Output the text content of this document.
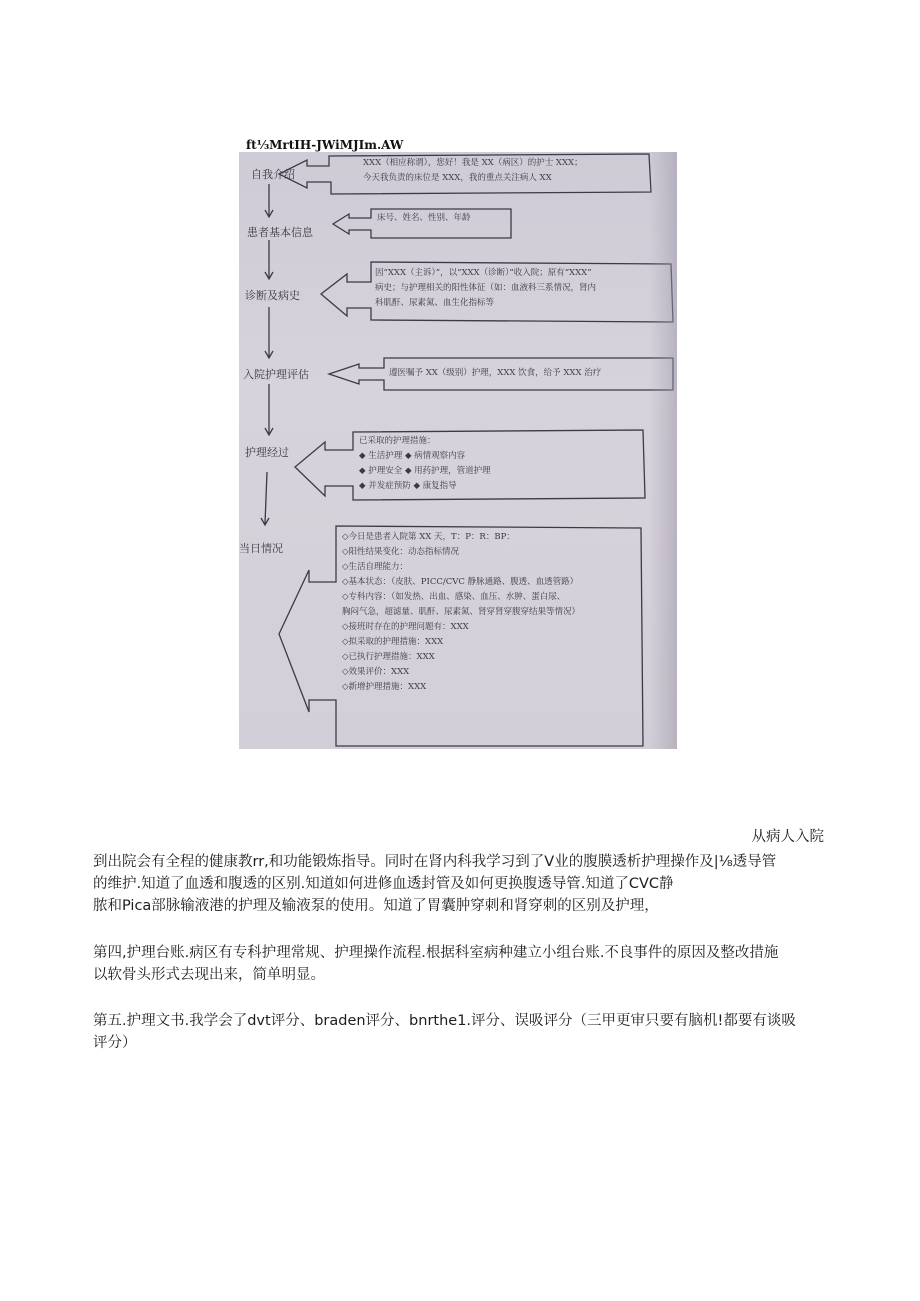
ft⅓MrtIH-JWiMJIm.AW
自我介绍
患者基本信息
诊断及病史
入院护理评估
护理经过
当日情况
XXX（相应称谓），您好！我是 XX（病区）的护士 XXX；
今天我负责的床位是 XXX，我的重点关注病人 XX
床号、姓名、性别、年龄
因“XXX（主诉）”，以“XXX（诊断）”收入院；原有“XXX”
病史；与护理相关的阳性体征（如：血液科三系情况，肾内
科肌酐、尿素氮、血生化指标等
遵医嘱予 XX（级别）护理，XXX 饮食，给予 XXX 治疗
已采取的护理措施：
◆ 生活护理 ◆ 病情观察内容
◆ 护理安全 ◆ 用药护理，管道护理
◆ 并发症预防 ◆ 康复指导
◇今日是患者入院第 XX 天，T：P：R：BP：
◇阳性结果变化：动态指标情况
◇生活自理能力：
◇基本状态：（皮肤、PICC/CVC 静脉通路、腹透、血透管路）
◇专科内容：（如发热、出血、感染、血压、水肿、蛋白尿、
胸闷气急，超滤量、肌酐、尿素氮、肾穿肾穿腹穿结果等情况）
◇接班时存在的护理问题有：XXX
◇拟采取的护理措施：XXX
◇已执行护理措施：XXX
◇效果评价：XXX
◇新增护理措施：XXX
从病人入院
到出院会有全程的健康教rr,和功能锻炼指导。同时在肾内科我学习到了V业的腹膜透析护理操作及|⅛透导管
的维护.知道了血透和腹透的区别.知道如何进修血透封管及如何更换腹透导管.知道了CVC静
脓和Pica部脉输液港的护理及输液泵的使用。知道了胃囊肿穿刺和肾穿刺的区别及护理，
第四,护理台账.病区有专科护理常规、护理操作流程.根据科室病种建立小组台账.不良事件的原因及整改措施
以软骨头形式去现出来，简单明显。
第五.护理文书.我学会了dvt评分、braden评分、bnrthe1.评分、误吸评分（三甲更审只要有脑机!都要有谈吸
评分）
